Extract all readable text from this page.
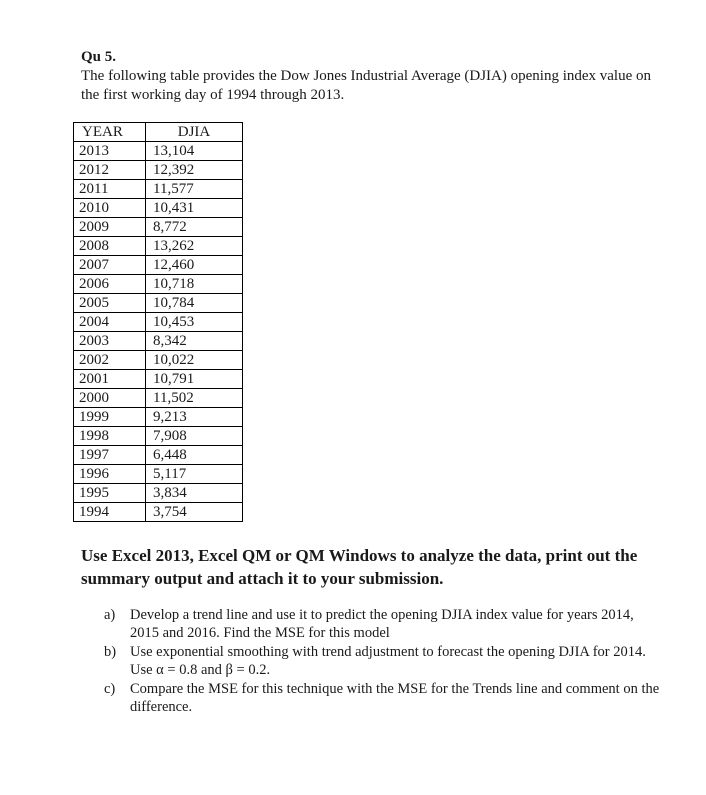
Qu 5.
The following table provides the Dow Jones Industrial Average (DJIA) opening index value on the first working day of 1994 through 2013.
YEAR	DJIA
2013	13,104
2012	12,392
2011	11,577
2010	10,431
2009	8,772
2008	13,262
2007	12,460
2006	10,718
2005	10,784
2004	10,453
2003	8,342
2002	10,022
2001	10,791
2000	11,502
1999	9,213
1998	7,908
1997	6,448
1996	5,117
1995	3,834
1994	3,754
Use Excel 2013, Excel QM or QM Windows to analyze the data, print out the summary output and attach it to your submission.
a) Develop a trend line and use it to predict the opening DJIA index value for years 2014, 2015 and 2016. Find the MSE for this model
b) Use exponential smoothing with trend adjustment to forecast the opening DJIA for 2014. Use α = 0.8 and β = 0.2.
c) Compare the MSE for this technique with the MSE for the Trends line and comment on the difference.
